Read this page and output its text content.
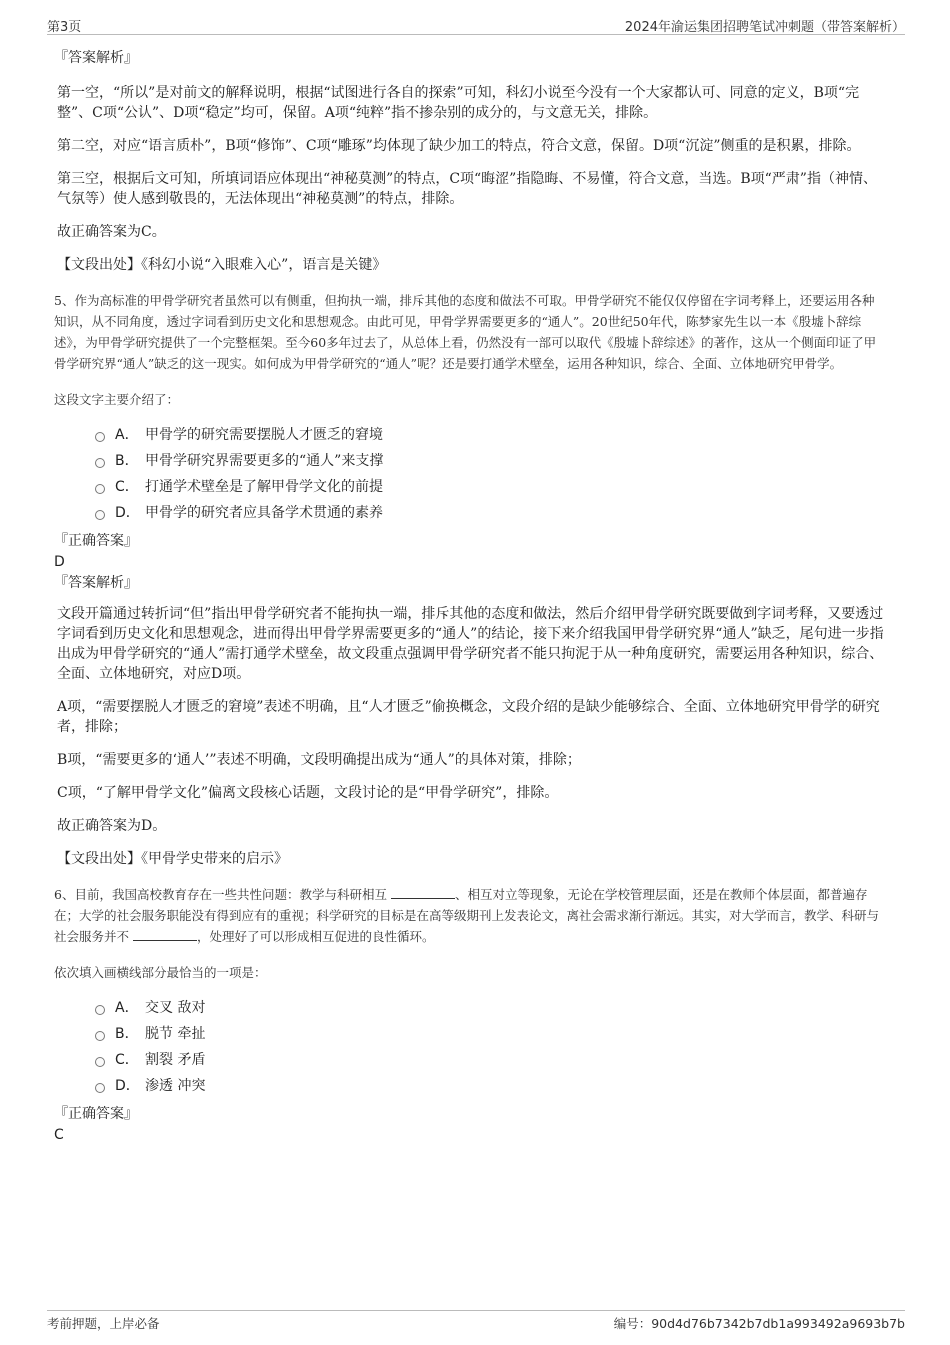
第3页	2024年渝运集团招聘笔试冲刺题（带答案解析）
『答案解析』
第一空，“所以”是对前文的解释说明，根据“试图进行各自的探索”可知，科幻小说至今没有一个大家都认可、同意的定义，B项“完整”、C项“公认”、D项“稳定”均可，保留。A项“纯粹”指不掺杂别的成分的，与文意无关，排除。
第二空，对应“语言质朴”，B项“修饰”、C项“雕琢”均体现了缺少加工的特点，符合文意，保留。D项“沉淀”侧重的是积累，排除。
第三空，根据后文可知，所填词语应体现出“神秘莫测”的特点，C项“晦涩”指隐晦、不易懂，符合文意，当选。B项“严肃”指（神情、气氛等）使人感到敬畏的，无法体现出“神秘莫测”的特点，排除。
故正确答案为C。
【文段出处】《科幻小说“入眼难入心”，语言是关键》
5、作为高标准的甲骨学研究者虽然可以有侧重，但拘执一端，排斥其他的态度和做法不可取。甲骨学研究不能仅仅停留在字词考释上，还要运用各种知识，从不同角度，透过字词看到历史文化和思想观念。由此可见，甲骨学界需要更多的“通人”。20世纪50年代，陈梦家先生以一本《殷墟卜辞综述》，为甲骨学研究提供了一个完整框架。至今60多年过去了，从总体上看，仍然没有一部可以取代《殷墟卜辞综述》的著作，这从一个侧面印证了甲骨学研究界“通人”缺乏的这一现实。如何成为甲骨学研究的“通人”呢？还是要打通学术壁垒，运用各种知识，综合、全面、立体地研究甲骨学。
这段文字主要介绍了：
A． 甲骨学的研究需要摆脱人才匮乏的窘境
B． 甲骨学研究界需要更多的“通人”来支撑
C． 打通学术壁垒是了解甲骨学文化的前提
D． 甲骨学的研究者应具备学术贯通的素养
『正确答案』
D
『答案解析』
文段开篇通过转折词“但”指出甲骨学研究者不能拘执一端，排斥其他的态度和做法，然后介绍甲骨学研究既要做到字词考释，又要透过字词看到历史文化和思想观念，进而得出甲骨学界需要更多的“通人”的结论，接下来介绍我国甲骨学研究界“通人”缺乏，尾句进一步指出成为甲骨学研究的“通人”需打通学术壁垒，故文段重点强调甲骨学研究者不能只拘泥于从一种角度研究，需要运用各种知识，综合、全面、立体地研究，对应D项。
A项，“需要摆脱人才匮乏的窘境”表述不明确，且“人才匮乏”偷换概念，文段介绍的是缺少能够综合、全面、立体地研究甲骨学的研究者，排除；
B项，“需要更多的‘通人’”表述不明确，文段明确提出成为“通人”的具体对策，排除；
C项，“了解甲骨学文化”偏离文段核心话题，文段讨论的是“甲骨学研究”，排除。
故正确答案为D。
【文段出处】《甲骨学史带来的启示》
6、目前，我国高校教育存在一些共性问题：教学与科研相互	、相互对立等现象，无论在学校管理层面，还是在教师个体层面，都普遍存在；大学的社会服务职能没有得到应有的重视；科学研究的目标是在高等级期刊上发表论文，离社会需求渐行渐远。其实，对大学而言，教学、科研与社会服务并不	，处理好了可以形成相互促进的良性循环。
依次填入画横线部分最恰当的一项是：
A． 交叉 敌对
B． 脱节 牵扯
C． 割裂 矛盾
D． 渗透 冲突
『正确答案』
C
考前押题，上岸必备	编号：90d4d76b7342b7db1a993492a9693b7b
